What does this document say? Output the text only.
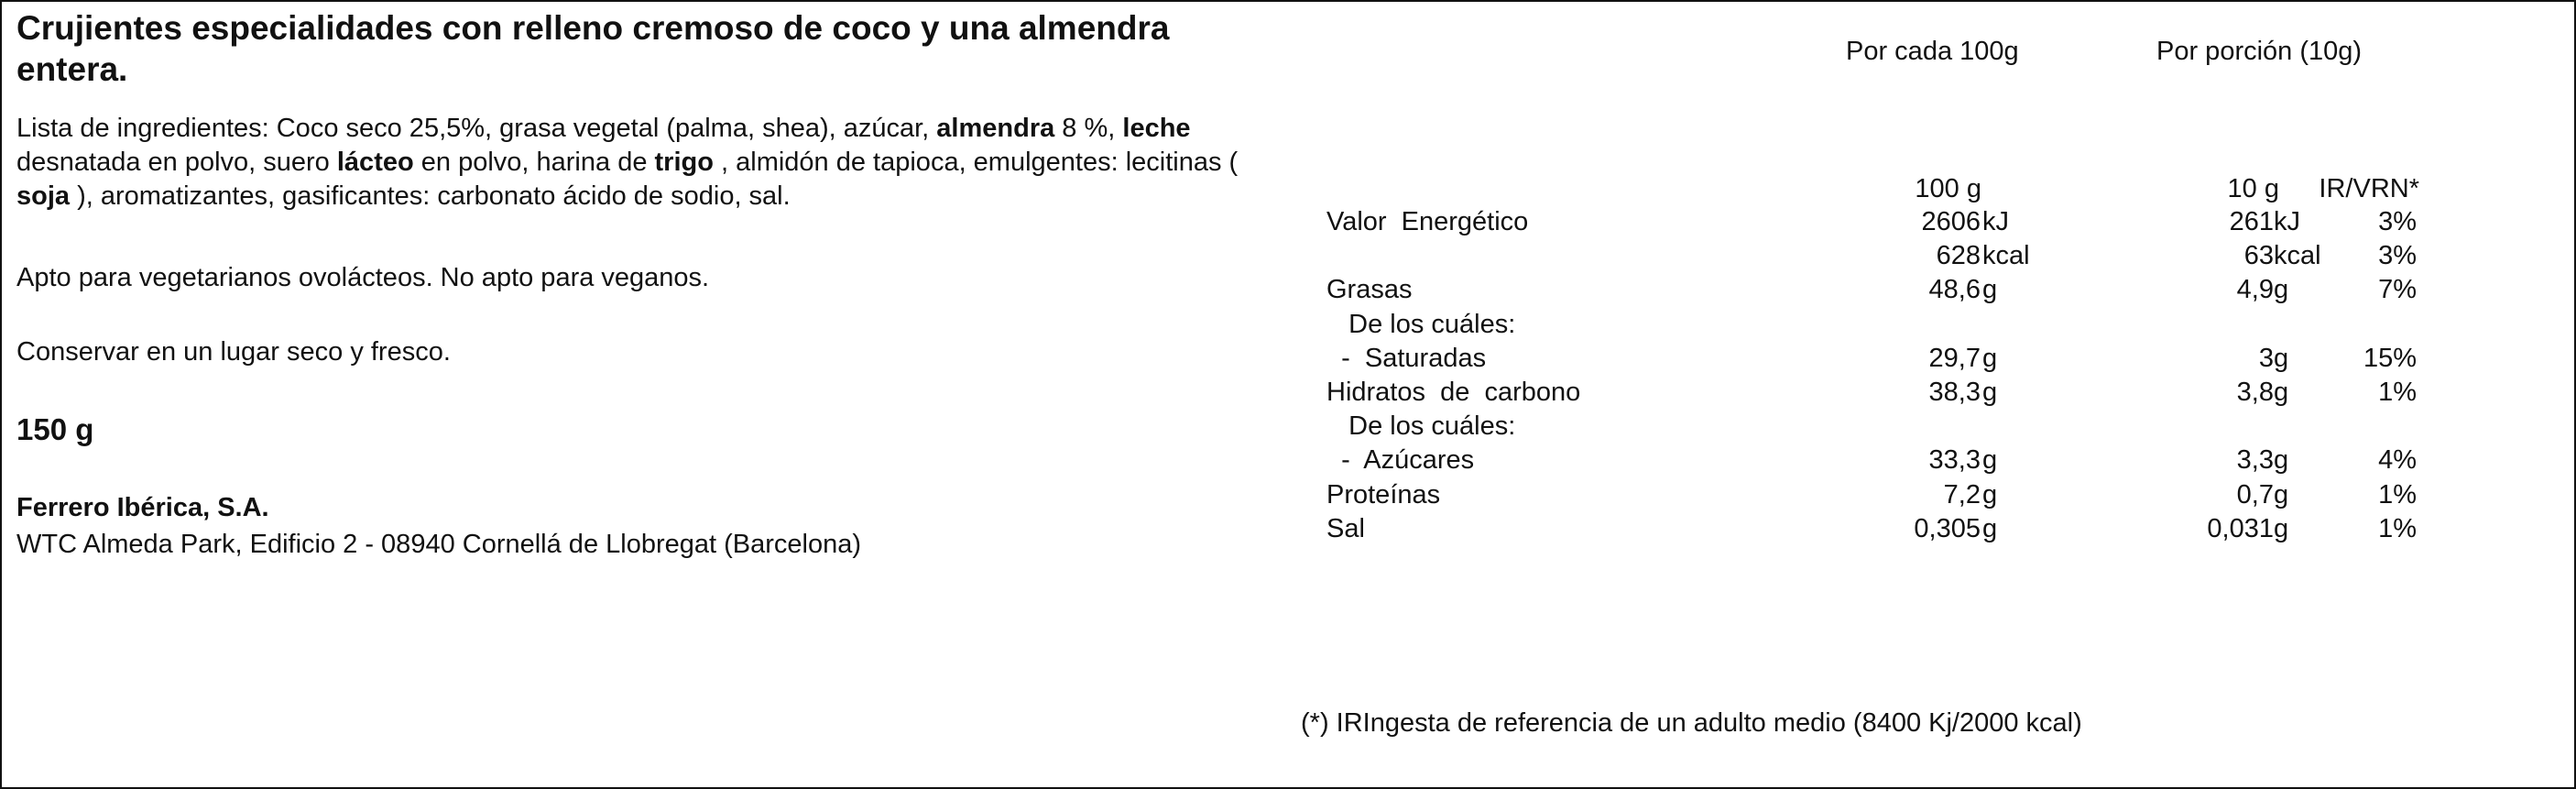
Crujientes especialidades con relleno cremoso de coco y una almendra entera.
Lista de ingredientes: Coco seco 25,5%, grasa vegetal (palma, shea), azúcar, almendra 8 %, leche desnatada en polvo, suero lácteo en polvo, harina de trigo , almidón de tapioca, emulgentes: lecitinas ( soja ), aromatizantes, gasificantes: carbonato ácido de sodio, sal.
Apto para vegetarianos ovolácteos. No apto para veganos.
Conservar en un lugar seco y fresco.
150 g
Ferrero Ibérica, S.A.
WTC Almeda Park, Edificio 2 - 08940 Cornellá de Llobregat (Barcelona)
Por cada 100g	Por porción (10g)
100 g	10 g	IR/VRN*
Valor  Energético	2606 kJ	261 kJ	3%
628 kcal	63 kcal	3%
Grasas	48,6 g	4,9 g	7%
De los cuáles:
-  Saturadas	29,7 g	3 g	15%
Hidratos  de  carbono	38,3 g	3,8 g	1%
De los cuáles:
-  Azúcares	33,3 g	3,3 g	4%
Proteínas	7,2 g	0,7 g	1%
Sal	0,305 g	0,031 g	1%
(*) IRIngesta de referencia de un adulto medio (8400 Kj/2000 kcal)
